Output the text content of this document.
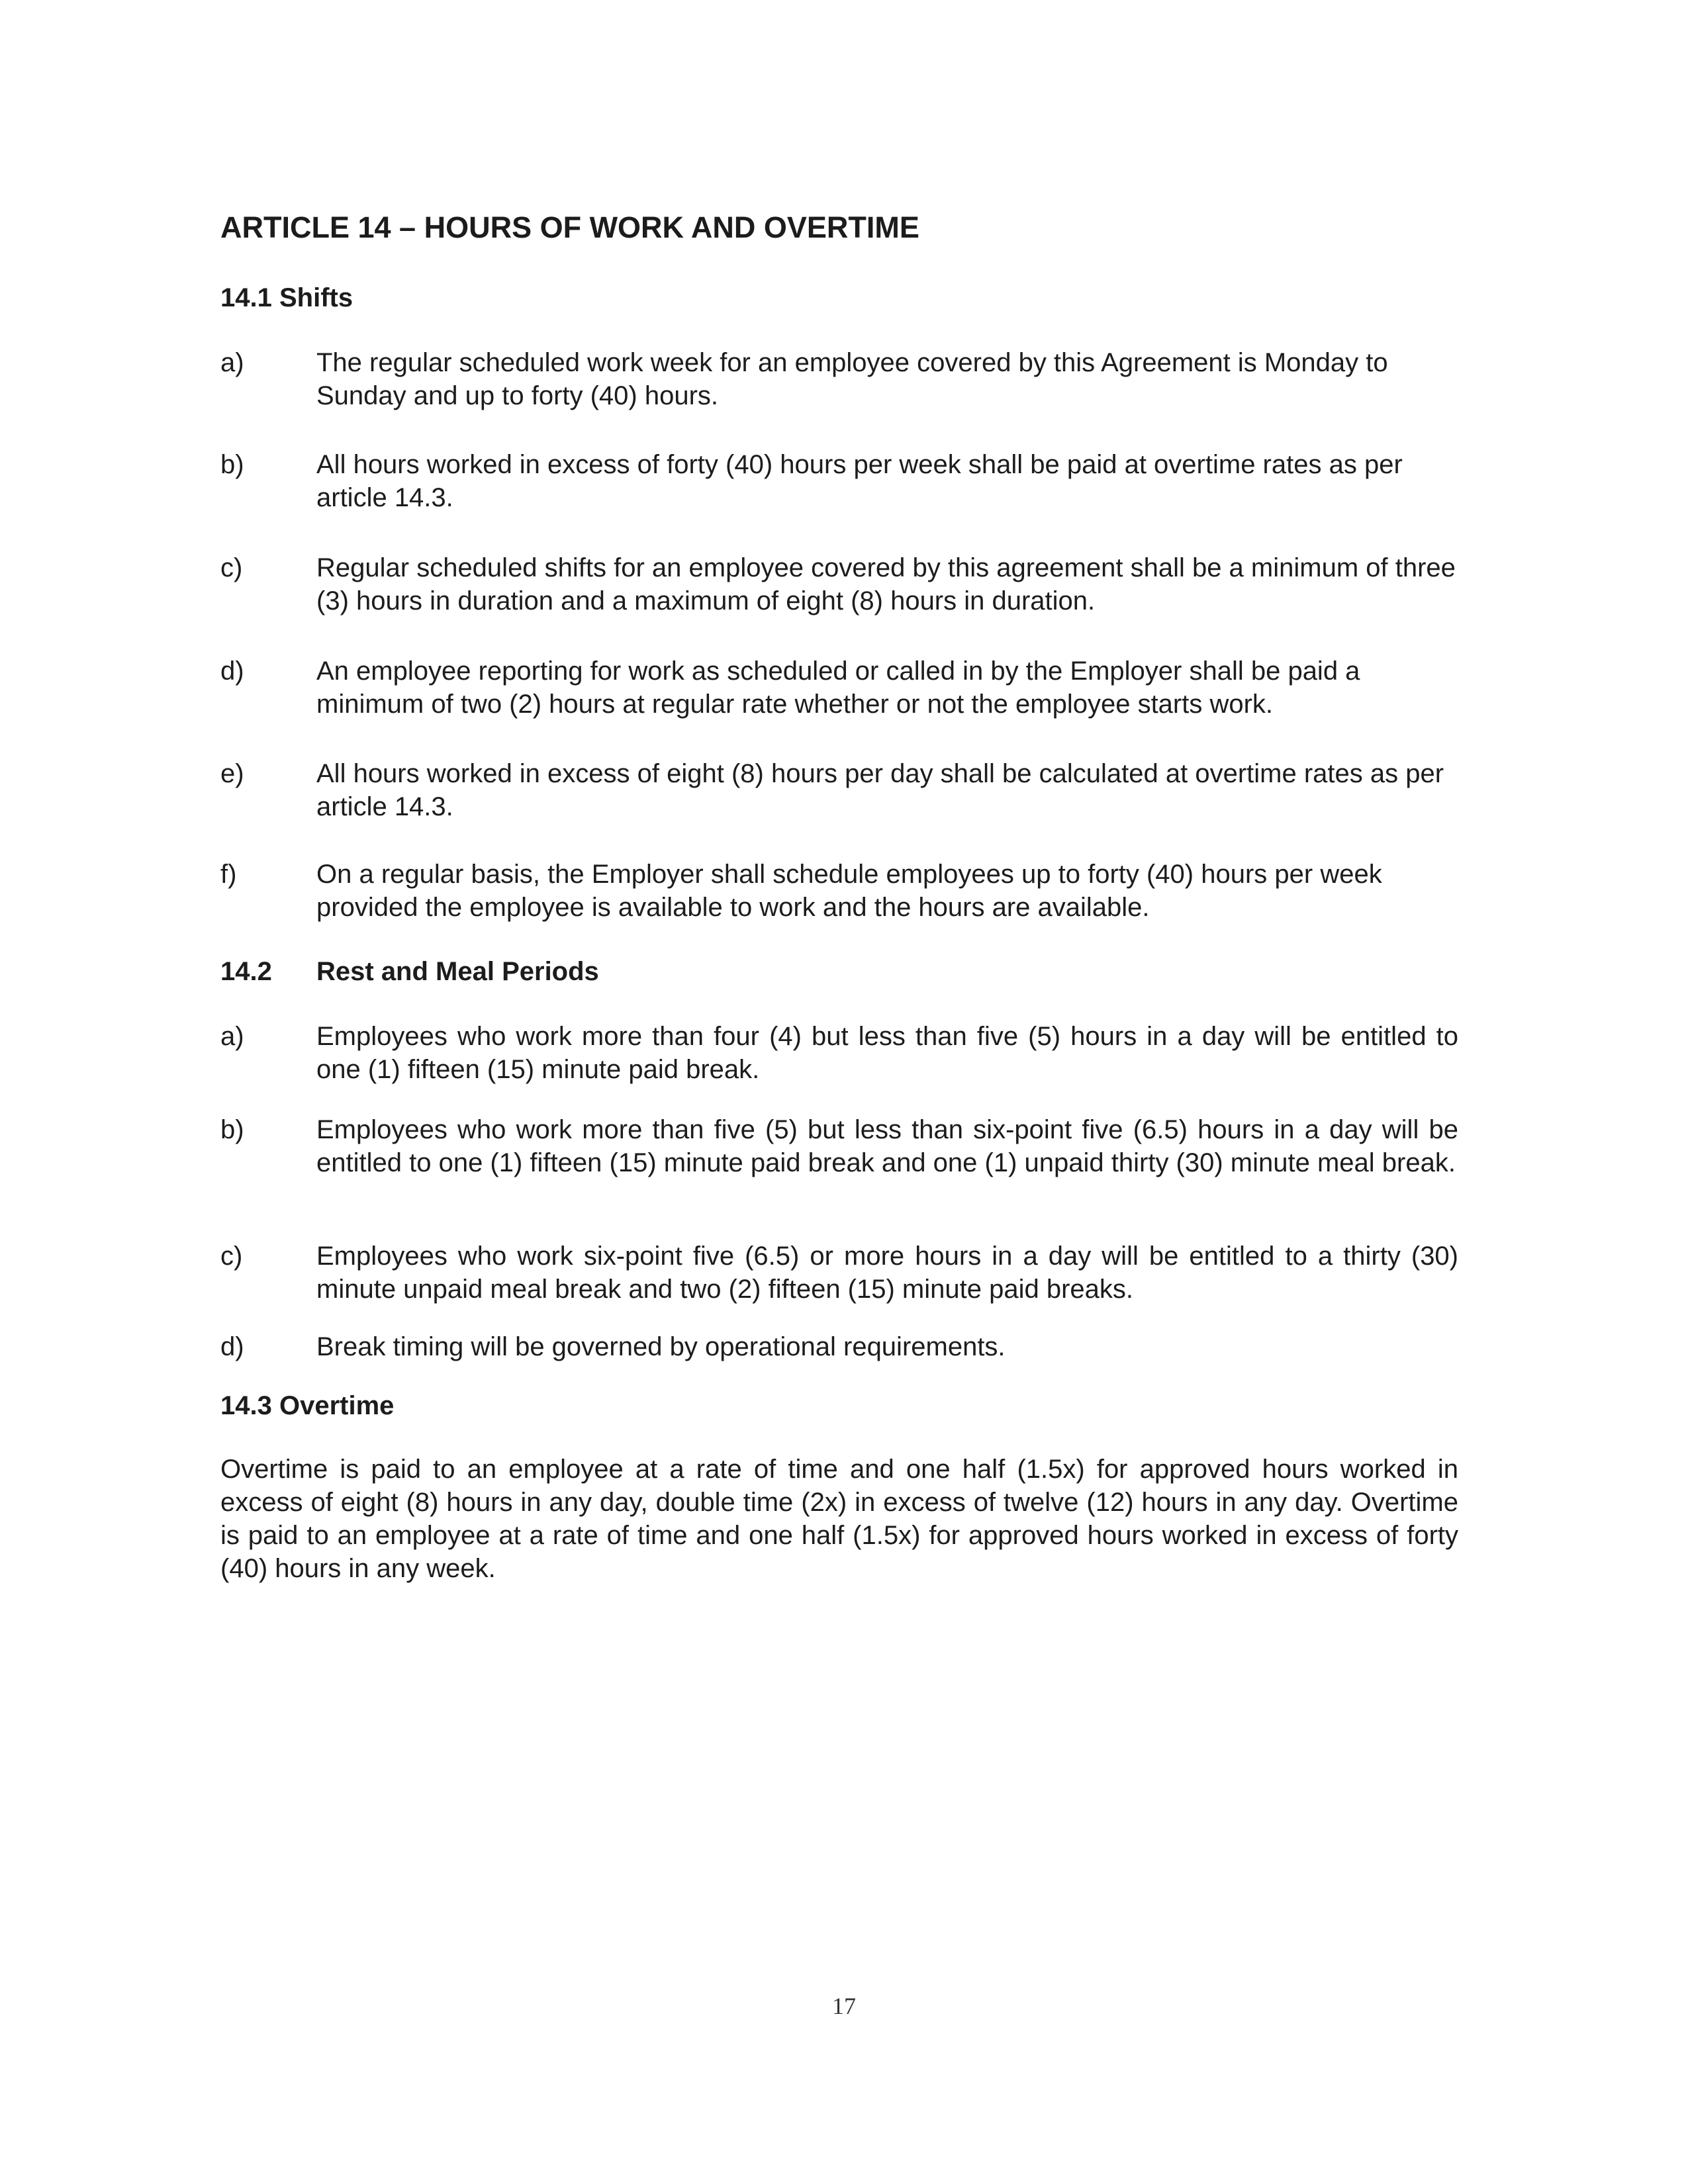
ARTICLE 14 – HOURS OF WORK AND OVERTIME
14.1 Shifts
a)	The regular scheduled work week for an employee covered by this Agreement is Monday to Sunday and up to forty (40) hours.
b)	All hours worked in excess of forty (40) hours per week shall be paid at overtime rates as per article 14.3.
c)	Regular scheduled shifts for an employee covered by this agreement shall be a minimum of three (3) hours in duration and a maximum of eight (8) hours in duration.
d)	An employee reporting for work as scheduled or called in by the Employer shall be paid a minimum of two (2) hours at regular rate whether or not the employee starts work.
e)	All hours worked in excess of eight (8) hours per day shall be calculated at overtime rates as per article 14.3.
f)	On a regular basis, the Employer shall schedule employees up to forty (40) hours per week provided the employee is available to work and the hours are available.
14.2 Rest and Meal Periods
a)	Employees who work more than four (4) but less than five (5) hours in a day will be entitled to one (1) fifteen (15) minute paid break.
b)	Employees who work more than five (5) but less than six-point five (6.5) hours in a day will be entitled to one (1) fifteen (15) minute paid break and one (1) unpaid thirty (30) minute meal break.
c)	Employees who work six-point five (6.5) or more hours in a day will be entitled to a thirty (30) minute unpaid meal break and two (2) fifteen (15) minute paid breaks.
d)	Break timing will be governed by operational requirements.
14.3 Overtime
Overtime is paid to an employee at a rate of time and one half (1.5x) for approved hours worked in excess of eight (8) hours in any day, double time (2x) in excess of twelve (12) hours in any day. Overtime is paid to an employee at a rate of time and one half (1.5x) for approved hours worked in excess of forty (40) hours in any week.
17
